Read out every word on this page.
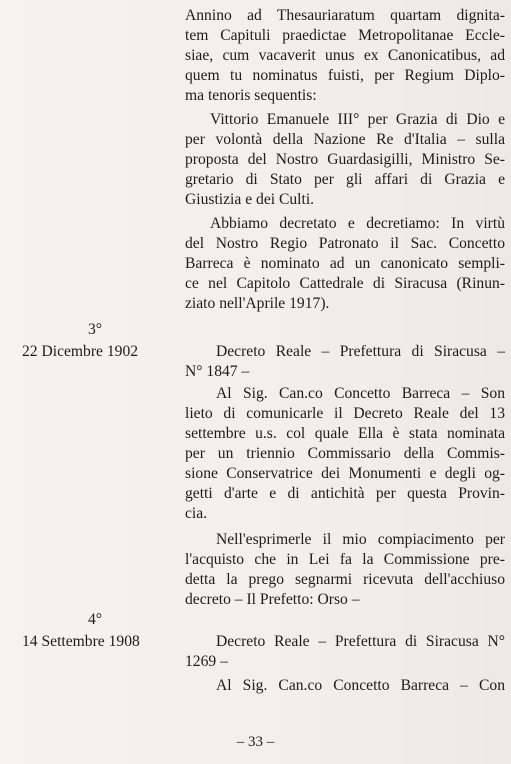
Annino ad Thesauriaratum quartam dignita-
tem Capituli praedictae Metropolitanae Eccle-
siae, cum vacaverit unus ex Canonicatibus, ad
quem tu nominatus fuisti, per Regium Diplo-
ma tenoris sequentis:
Vittorio Emanuele III° per Grazia di Dio e
per volontà della Nazione Re d'Italia – sulla
proposta del Nostro Guardasigilli, Ministro Se-
gretario di Stato per gli affari di Grazia e
Giustizia e dei Culti.
Abbiamo decretato e decretiamo: In virtù
del Nostro Regio Patronato il Sac. Concetto
Barreca è nominato ad un canonicato sempli-
ce nel Capitolo Cattedrale di Siracusa (Rinun-
ziato nell'Aprile 1917).
3°
22 Dicembre 1902	Decreto Reale – Prefettura di Siracusa –
N° 1847 –
Al Sig. Can.co Concetto Barreca – Son
lieto di comunicarle il Decreto Reale del 13
settembre u.s. col quale Ella è stata nominata
per un triennio Commissario della Commis-
sione Conservatrice dei Monumenti e degli og-
getti d'arte e di antichità per questa Provin-
cia.
Nell'esprimerle il mio compiacimento per
l'acquisto che in Lei fa la Commissione pre-
detta la prego segnarmi ricevuta dell'acchiuso
decreto – Il Prefetto: Orso –
4°
14 Settembre 1908	Decreto Reale – Prefettura di Siracusa N°
1269 –
Al Sig. Can.co Concetto Barreca – Con
– 33 –
